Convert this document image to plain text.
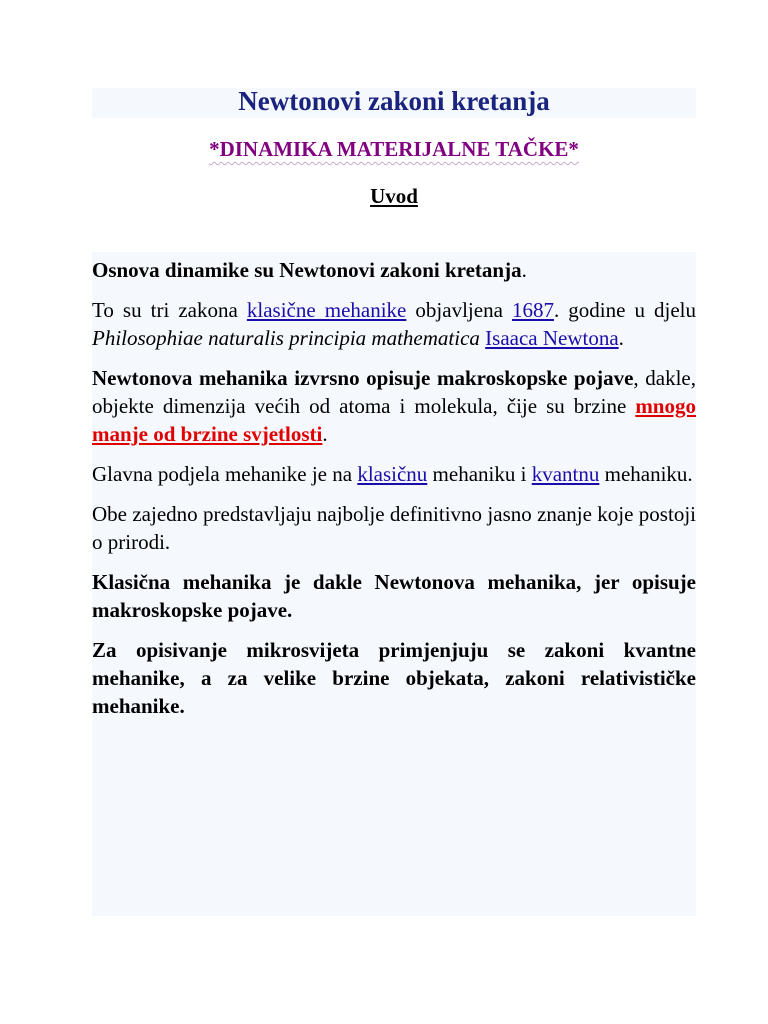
Newtonovi zakoni kretanja
*DINAMIKA MATERIJALNE TAČKE*
Uvod

Osnova dinamike su Newtonovi zakoni kretanja.

To su tri zakona klasične mehanike objavljena 1687. godine u djelu Philosophiae naturalis principia mathematica Isaaca Newtona.

Newtonova mehanika izvrsno opisuje makroskopske pojave, dakle, objekte dimenzija većih od atoma i molekula, čije su brzine mnogo manje od brzine svjetlosti.

Glavna podjela mehanike je na klasičnu mehaniku i kvantnu mehaniku.

Obe zajedno predstavljaju najbolje definitivno jasno znanje koje postoji o prirodi.

Klasična mehanika je dakle Newtonova mehanika, jer opisuje makroskopske pojave.

Za opisivanje mikrosvijeta primjenjuju se zakoni kvantne mehanike, a za velike brzine objekata, zakoni relativističke mehanike.
